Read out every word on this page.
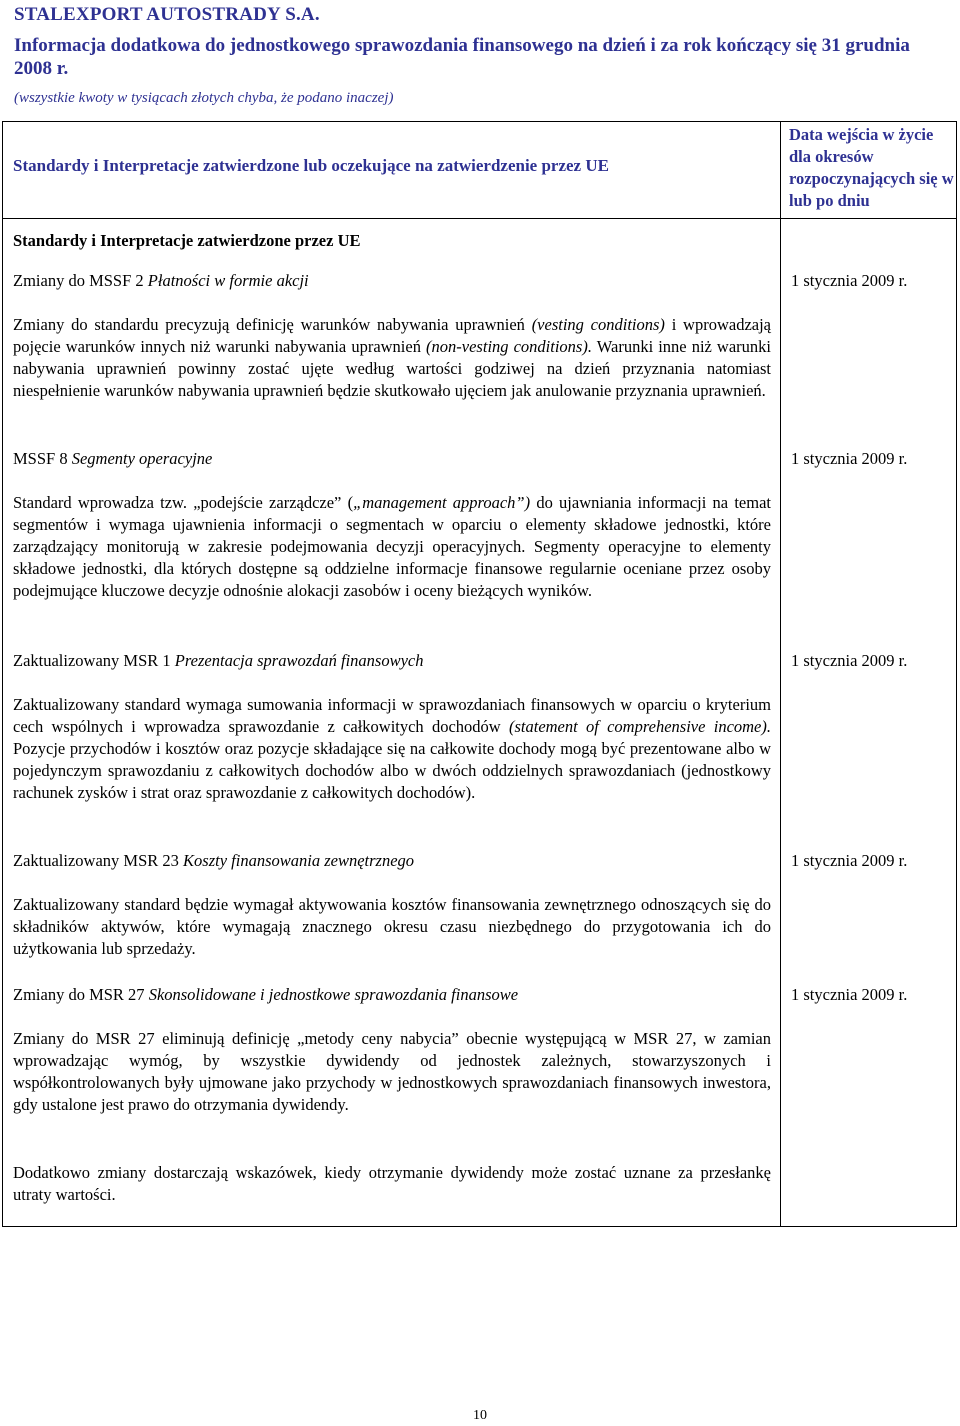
STALEXPORT AUTOSTRADY S.A.
Informacja dodatkowa do jednostkowego sprawozdania finansowego na dzień i za rok kończący się 31 grudnia 2008 r.
(wszystkie kwoty w tysiącach złotych chyba, że podano inaczej)
Standardy i Interpretacje zatwierdzone lub oczekujące na zatwierdzenie przez UE
Data wejścia w życie dla okresów rozpoczynających się w lub po dniu
Standardy i Interpretacje zatwierdzone przez UE
Zmiany do MSSF 2 Płatności w formie akcji	1 stycznia 2009 r.
Zmiany do standardu precyzują definicję warunków nabywania uprawnień (vesting conditions) i wprowadzają pojęcie warunków innych niż warunki nabywania uprawnień (non-vesting conditions). Warunki inne niż warunki nabywania uprawnień powinny zostać ujęte według wartości godziwej na dzień przyznania natomiast niespełnienie warunków nabywania uprawnień będzie skutkowało ujęciem jak anulowanie przyznania uprawnień.
MSSF 8 Segmenty operacyjne	1 stycznia 2009 r.
Standard wprowadza tzw. „podejście zarządcze” („management approach”) do ujawniania informacji na temat segmentów i wymaga ujawnienia informacji o segmentach w oparciu o elementy składowe jednostki, które zarządzający monitorują w zakresie podejmowania decyzji operacyjnych. Segmenty operacyjne to elementy składowe jednostki, dla których dostępne są oddzielne informacje finansowe regularnie oceniane przez osoby podejmujące kluczowe decyzje odnośnie alokacji zasobów i oceny bieżących wyników.
Zaktualizowany MSR 1 Prezentacja sprawozdań finansowych	1 stycznia 2009 r.
Zaktualizowany standard wymaga sumowania informacji w sprawozdaniach finansowych w oparciu o kryterium cech wspólnych i wprowadza sprawozdanie z całkowitych dochodów (statement of comprehensive income). Pozycje przychodów i kosztów oraz pozycje składające się na całkowite dochody mogą być prezentowane albo w pojedynczym sprawozdaniu z całkowitych dochodów albo w dwóch oddzielnych sprawozdaniach (jednostkowy rachunek zysków i strat oraz sprawozdanie z całkowitych dochodów).
Zaktualizowany MSR 23 Koszty finansowania zewnętrznego	1 stycznia 2009 r.
Zaktualizowany standard będzie wymagał aktywowania kosztów finansowania zewnętrznego odnoszących się do składników aktywów, które wymagają znacznego okresu czasu niezbędnego do przygotowania ich do użytkowania lub sprzedaży.
Zmiany do MSR 27 Skonsolidowane i jednostkowe sprawozdania finansowe	1 stycznia 2009 r.
Zmiany do MSR 27 eliminują definicję „metody ceny nabycia” obecnie występującą w MSR 27, w zamian wprowadzając wymóg, by wszystkie dywidendy od jednostek zależnych, stowarzyszonych i współkontrolowanych były ujmowane jako przychody w jednostkowych sprawozdaniach finansowych inwestora, gdy ustalone jest prawo do otrzymania dywidendy.
Dodatkowo zmiany dostarczają wskazówek, kiedy otrzymanie dywidendy może zostać uznane za przesłankę utraty wartości.
10
